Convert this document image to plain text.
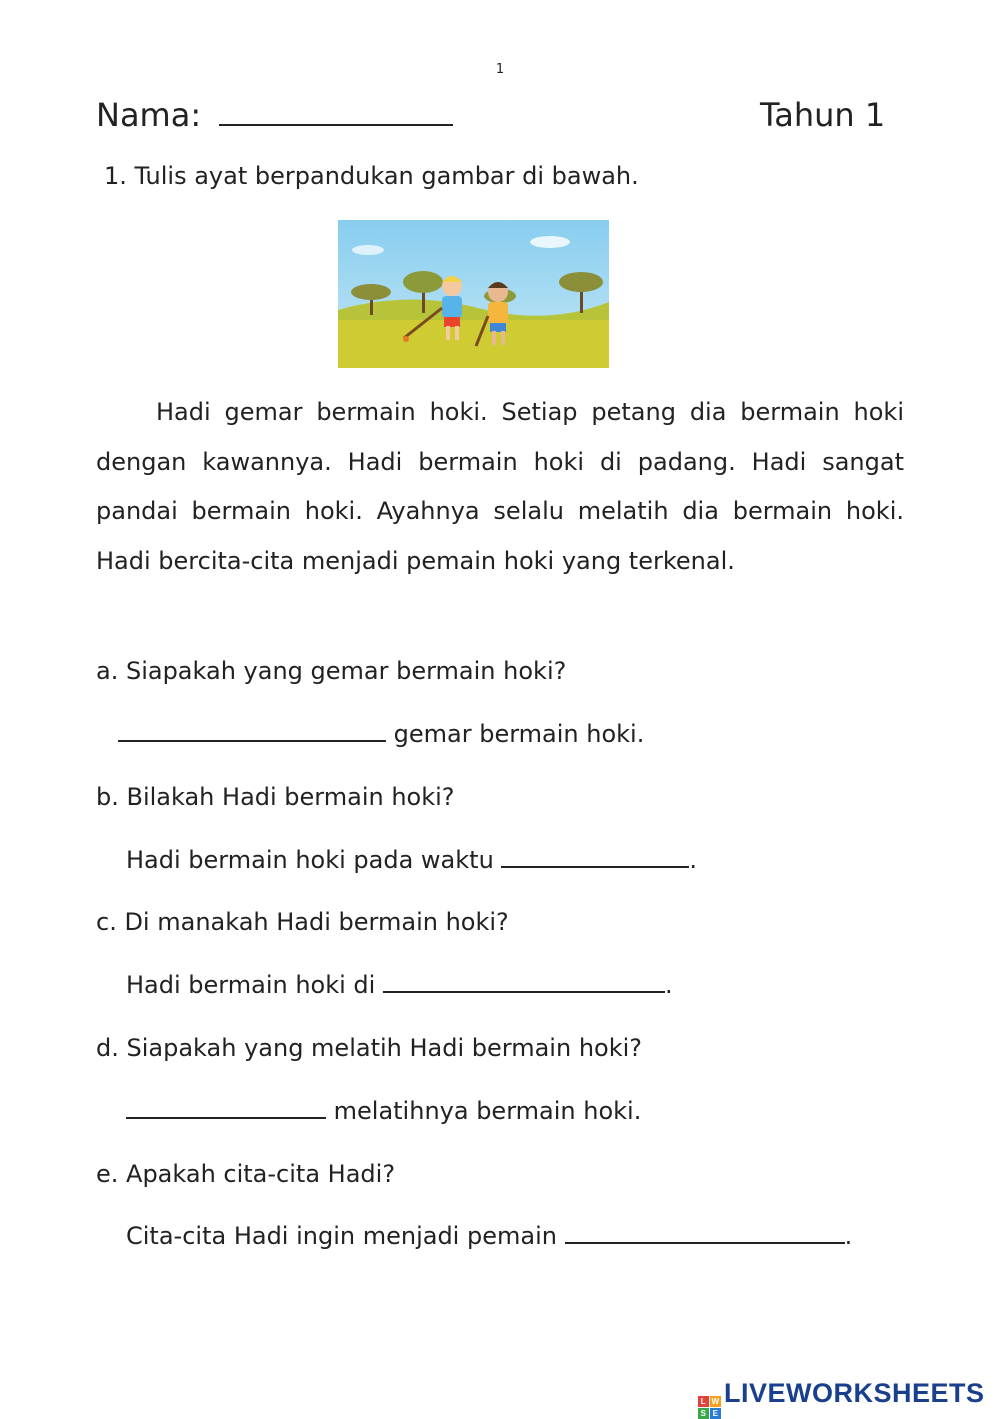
1
Nama:	Tahun 1
1. Tulis ayat berpandukan gambar di bawah.
Hadi gemar bermain hoki. Setiap petang dia bermain hoki dengan kawannya. Hadi bermain hoki di padang. Hadi sangat pandai bermain hoki. Ayahnya selalu melatih dia bermain hoki. Hadi bercita-cita menjadi pemain hoki yang terkenal.
a. Siapakah yang gemar bermain hoki?
gemar bermain hoki.
b. Bilakah Hadi bermain hoki?
Hadi bermain hoki pada waktu	.
c. Di manakah Hadi bermain hoki?
Hadi bermain hoki di	.
d. Siapakah yang melatih Hadi bermain hoki?
melatihnya bermain hoki.
e. Apakah cita-cita Hadi?
Cita-cita Hadi ingin menjadi pemain	.
L W
S E
LIVEWORKSHEETS
